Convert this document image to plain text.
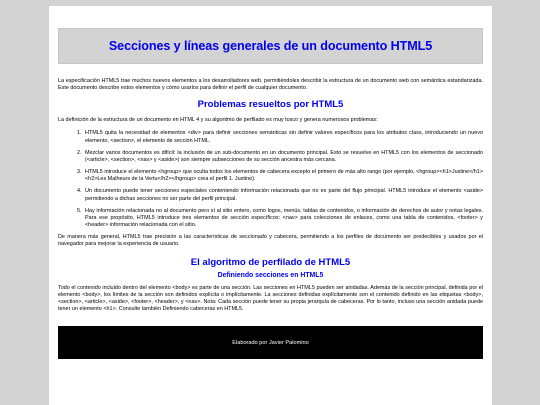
Secciones y líneas generales de un documento HTML5

La especificación HTML5 trae muchos nuevos elementos a los desarrolladores web, permitiéndoles describir la estructura de un documento web con semántica estandarizada. Este documento describe estos elementos y cómo usarlos para definir el perfil de cualquier documento.

Problemas resueltos por HTML5

La definición de la estructura de un documento en HTML 4 y su algoritmo de perfilado es muy tosco y genera numerosos problemas:

1. HTML5 quita la necesidad de elementos <div> para definir secciones semánticas sin definir valores específicos para los atributos class, introduciendo un nuevo elemento, <section>, el elemento de sección HTML.
2. Mezclar varios documentos es difícil: la inclusión de un sub-documento en un documento principal. Esto se resuelve en HTML5 con los elementos de seccionado (<article>, <section>, <nav> y <aside>) son siempre subsecciones de su sección ancestra más cercana.
3. HTML5 introduce el elemento <hgroup> que oculta todos los elementos de cabecera excepto el primero de más alto rango (por ejemplo, <hgroup><h1>Justine</h1><h2>Les Malheurs de la Vertu</h2></hgroup> crea el perfil 1. Justine).
4. Un documento puede tener secciones especiales conteniendo información relacionada que no es parte del flujo principal. HTML5 introduce el elemento <aside> permitiendo a dichas secciones no ser parte del perfil principal.
5. Hay información relacionada no al documento pero sí al sitio entero, como logos, menús, tablas de contenidos, o información de derechos de autor y notas legales. Para ese propósito, HTML5 introduce tres elementos de sección específicos: <nav> para colecciones de enlaces, como una tabla de contenidos, <footer> y <header> información relacionada con el sitio.

De manera más general, HTML5 trae precisión a las características de seccionado y cabecera, permitiendo a los perfiles de documento ser predecibles y usados por el navegador para mejorar la experiencia de usuario.

El algoritmo de perfilado de HTML5
Definiendo secciones en HTML5

Todo el contenido incluido dentro del elemento <body> es parte de una sección. Las secciones en HTML5 pueden ser anidadas. Además de la sección principal, definida por el elemento <body>, los límites de la sección son definidos explícita o implícitamente. La secciones definidas explícitamente son el contenido definido en las etiquetas <body>, <section>, <article>, <aside>, <footer>, <header>, y <nav>. Nota: Cada sección puede tener su propia jerarquía de cabeceras. Por lo tanto, incluso una sección anidada puede tener un elemento <h1>. Consulte también Definiendo cabeceras en HTML5.

Elaborado por Javier Palomino
